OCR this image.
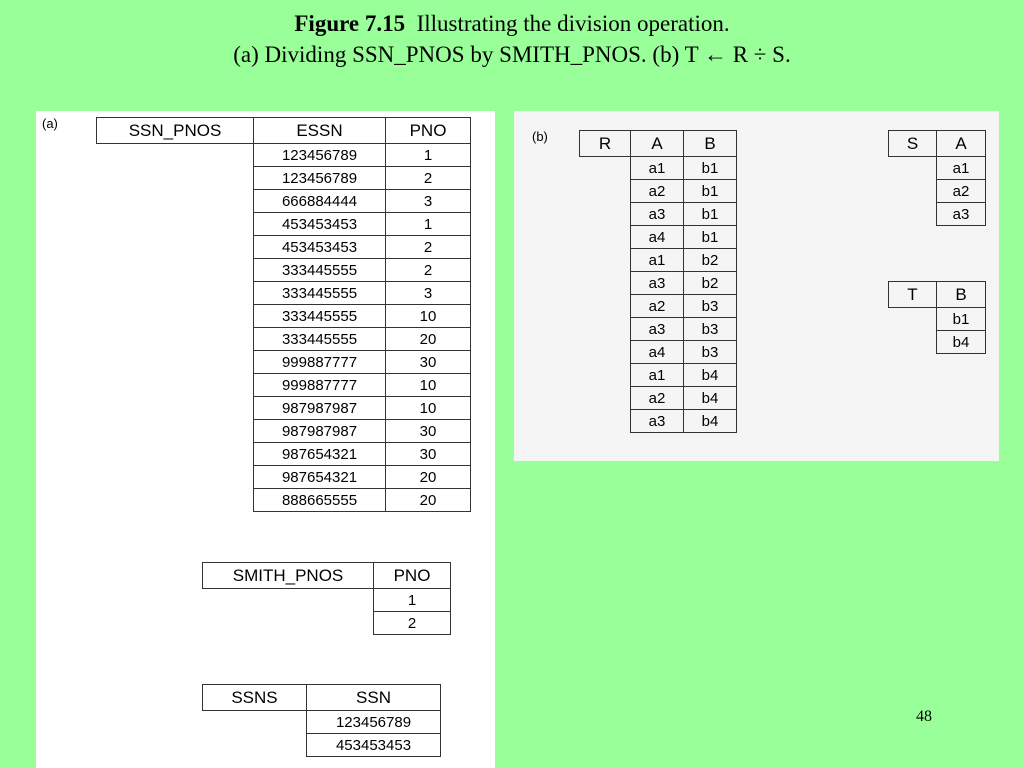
Figure 7.15 Illustrating the division operation.
(a) Dividing SSN_PNOS by SMITH_PNOS. (b) T ← R ÷ S.
(a)	SSN_PNOS	ESSN	PNO
	123456789	1
	123456789	2
	666884444	3
	453453453	1
	453453453	2
	333445555	2
	333445555	3
	333445555	10
	333445555	20
	999887777	30
	999887777	10
	987987987	10
	987987987	30
	987654321	30
	987654321	20
	888665555	20
SMITH_PNOS	PNO
	1
	2
SSNS	SSN
	123456789
	453453453
(b)	R	A	B
	a1	b1
	a2	b1
	a3	b1
	a4	b1
	a1	b2
	a3	b2
	a2	b3
	a3	b3
	a4	b3
	a1	b4
	a2	b4
	a3	b4
S	A
	a1
	a2
	a3
T	B
	b1
	b4
48
